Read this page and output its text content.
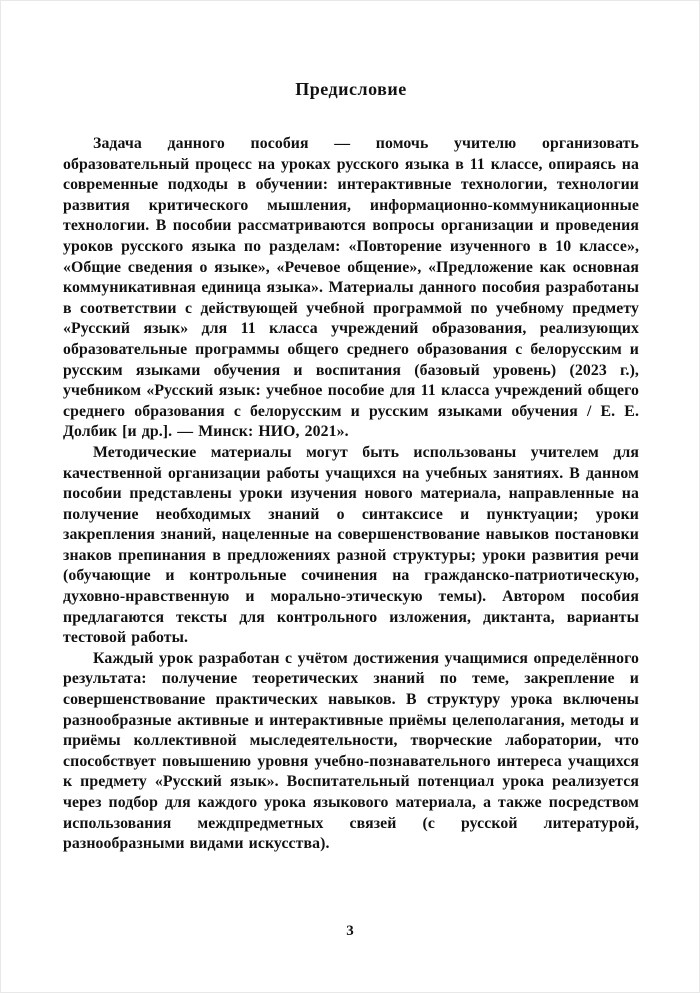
Предисловие

Задача данного пособия — помочь учителю организовать образовательный процесс на уроках русского языка в 11 классе, опираясь на современные подходы в обучении: интерактивные технологии, технологии развития критического мышления, информационно-коммуникационные технологии. В пособии рассматриваются вопросы организации и проведения уроков русского языка по разделам: «Повторение изученного в 10 классе», «Общие сведения о языке», «Речевое общение», «Предложение как основная коммуникативная единица языка». Материалы данного пособия разработаны в соответствии с действующей учебной программой по учебному предмету «Русский язык» для 11 класса учреждений образования, реализующих образовательные программы общего среднего образования с белорусским и русским языками обучения и воспитания (базовый уровень) (2023 г.), учебником «Русский язык: учебное пособие для 11 класса учреждений общего среднего образования с белорусским и русским языками обучения / Е. Е. Долбик [и др.]. — Минск: НИО, 2021».

Методические материалы могут быть использованы учителем для качественной организации работы учащихся на учебных занятиях. В данном пособии представлены уроки изучения нового материала, направленные на получение необходимых знаний о синтаксисе и пунктуации; уроки закрепления знаний, нацеленные на совершенствование навыков постановки знаков препинания в предложениях разной структуры; уроки развития речи (обучающие и контрольные сочинения на гражданско-патриотическую, духовно-нравственную и морально-этическую темы). Автором пособия предлагаются тексты для контрольного изложения, диктанта, варианты тестовой работы.

Каждый урок разработан с учётом достижения учащимися определённого результата: получение теоретических знаний по теме, закрепление и совершенствование практических навыков. В структуру урока включены разнообразные активные и интерактивные приёмы целеполагания, методы и приёмы коллективной мыследеятельности, творческие лаборатории, что способствует повышению уровня учебно-познавательного интереса учащихся к предмету «Русский язык». Воспитательный потенциал урока реализуется через подбор для каждого урока языкового материала, а также посредством использования междпредметных связей (с русской литературой, разнообразными видами искусства).

3
